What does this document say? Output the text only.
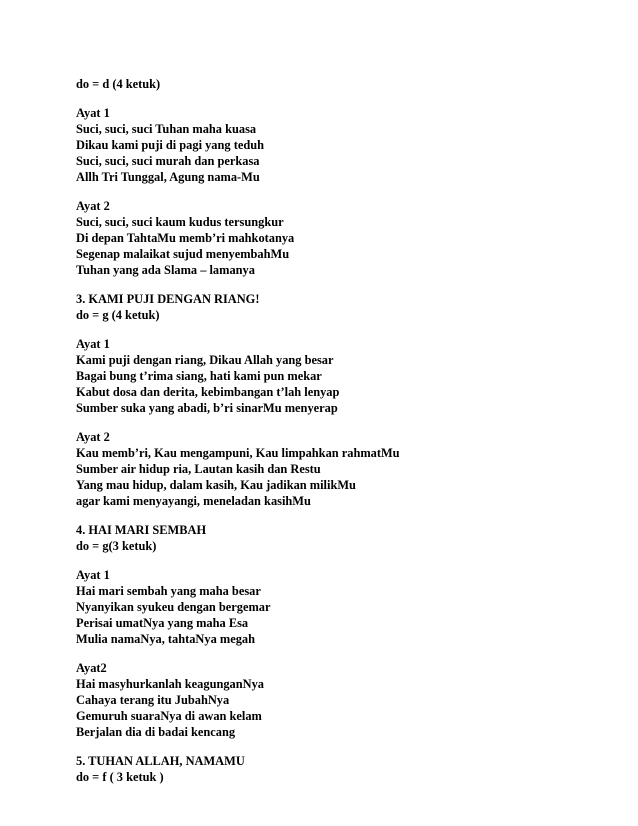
do = d (4 ketuk)
Ayat 1
Suci, suci, suci Tuhan maha kuasa
Dikau kami puji di pagi yang teduh
Suci, suci, suci murah dan perkasa
Allh Tri Tunggal, Agung nama-Mu
Ayat 2
Suci, suci, suci kaum kudus tersungkur
Di depan TahtaMu memb’ri mahkotanya
Segenap malaikat sujud menyembahMu
Tuhan yang ada Slama – lamanya
3. KAMI PUJI DENGAN RIANG!
do = g (4 ketuk)
Ayat 1
Kami puji dengan riang, Dikau Allah yang besar
Bagai bung t’rima siang, hati kami pun mekar
Kabut dosa dan derita, kebimbangan t’lah lenyap
Sumber suka yang abadi, b’ri sinarMu menyerap
Ayat 2
Kau memb’ri, Kau mengampuni, Kau limpahkan rahmatMu
Sumber air hidup ria, Lautan kasih dan Restu
Yang mau hidup, dalam kasih, Kau jadikan milikMu
agar kami menyayangi, meneladan kasihMu
4. HAI MARI SEMBAH
do = g(3 ketuk)
Ayat 1
Hai mari sembah yang maha besar
Nyanyikan syukeu dengan bergemar
Perisai umatNya yang maha Esa
Mulia namaNya, tahtaNya megah
Ayat2
Hai masyhurkanlah keagunganNya
Cahaya terang itu JubahNya
Gemuruh suaraNya di awan kelam
Berjalan dia di badai kencang
5. TUHAN ALLAH, NAMAMU
do = f ( 3 ketuk )
